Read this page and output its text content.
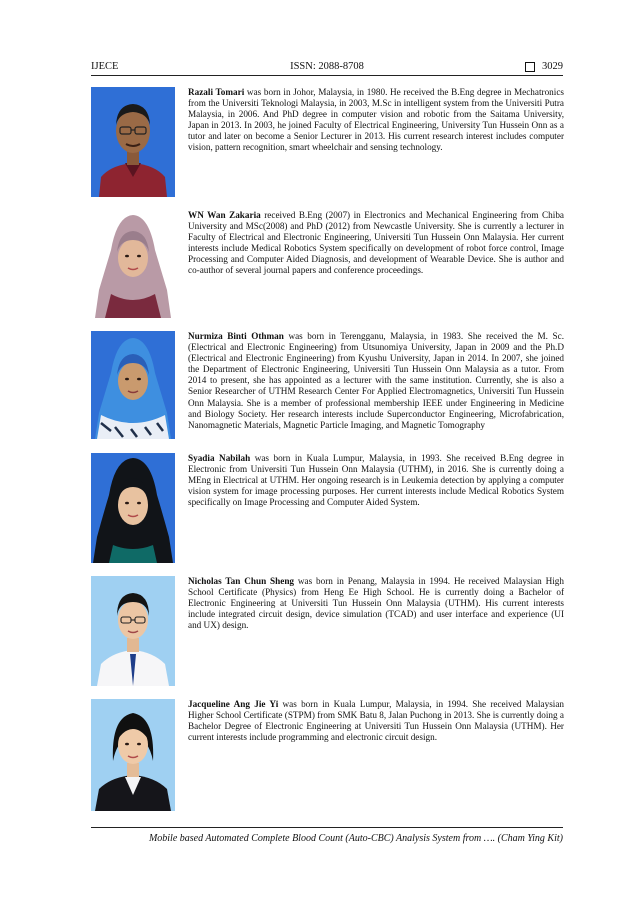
IJECE	ISSN: 2088-8708	3029
Razali Tomari was born in Johor, Malaysia, in 1980. He received the B.Eng degree in Mechatronics from the Universiti Teknologi Malaysia, in 2003, M.Sc in intelligent system from the Universiti Putra Malaysia, in 2006. And PhD degree in computer vision and robotic from the Saitama University, Japan in 2013. In 2003, he joined Faculty of Electrical Engineering, University Tun Hussein Onn as a tutor and later on become a Senior Lecturer in 2013. His current research interest includes computer vision, pattern recognition, smart wheelchair and sensing technology.
WN Wan Zakaria received B.Eng (2007) in Electronics and Mechanical Engineering from Chiba University and MSc(2008) and PhD (2012) from Newcastle University. She is currently a lecturer in Faculty of Electrical and Electronic Engineering, Universiti Tun Hussein Onn Malaysia. Her current interests include Medical Robotics System specifically on development of robot force control, Image Processing and Computer Aided Diagnosis, and development of Wearable Device. She is author and co-author of several journal papers and conference proceedings.
Nurmiza Binti Othman was born in Terengganu, Malaysia, in 1983. She received the M. Sc. (Electrical and Electronic Engineering) from Utsunomiya University, Japan in 2009 and the Ph.D (Electrical and Electronic Engineering) from Kyushu University, Japan in 2014. In 2007, she joined the Department of Electronic Engineering, Universiti Tun Hussein Onn Malaysia as a tutor. From 2014 to present, she has appointed as a lecturer with the same institution. Currently, she is also a Senior Researcher of UTHM Research Center For Applied Electromagnetics, Universiti Tun Hussein Onn Malaysia. She is a member of professional membership IEEE under Engineering in Medicine and Biology Society. Her research interests include Superconductor Engineering, Microfabrication, Nanomagnetic Materials, Magnetic Particle Imaging, and Magnetic Tomography
Syadia Nabilah was born in Kuala Lumpur, Malaysia, in 1993. She received B.Eng degree in Electronic from Universiti Tun Hussein Onn Malaysia (UTHM), in 2016. She is currently doing a MEng in Electrical at UTHM. Her ongoing research is in Leukemia detection by applying a computer vision system for image processing purposes. Her current interests include Medical Robotics System specifically on Image Processing and Computer Aided System.
Nicholas Tan Chun Sheng was born in Penang, Malaysia in 1994. He received Malaysian High School Certificate (Physics) from Heng Ee High School. He is currently doing a Bachelor of Electronic Engineering at Universiti Tun Hussein Onn Malaysia (UTHM). His current interests include integrated circuit design, device simulation (TCAD) and user interface and experience (UI and UX) design.
Jacqueline Ang Jie Yi was born in Kuala Lumpur, Malaysia, in 1994. She received Malaysian Higher School Certificate (STPM) from SMK Batu 8, Jalan Puchong in 2013. She is currently doing a Bachelor Degree of Electronic Engineering at Universiti Tun Hussein Onn Malaysia (UTHM). Her current interests include programming and electronic circuit design.
Mobile based Automated Complete Blood Count (Auto-CBC) Analysis System from …. (Cham Ying Kit)
